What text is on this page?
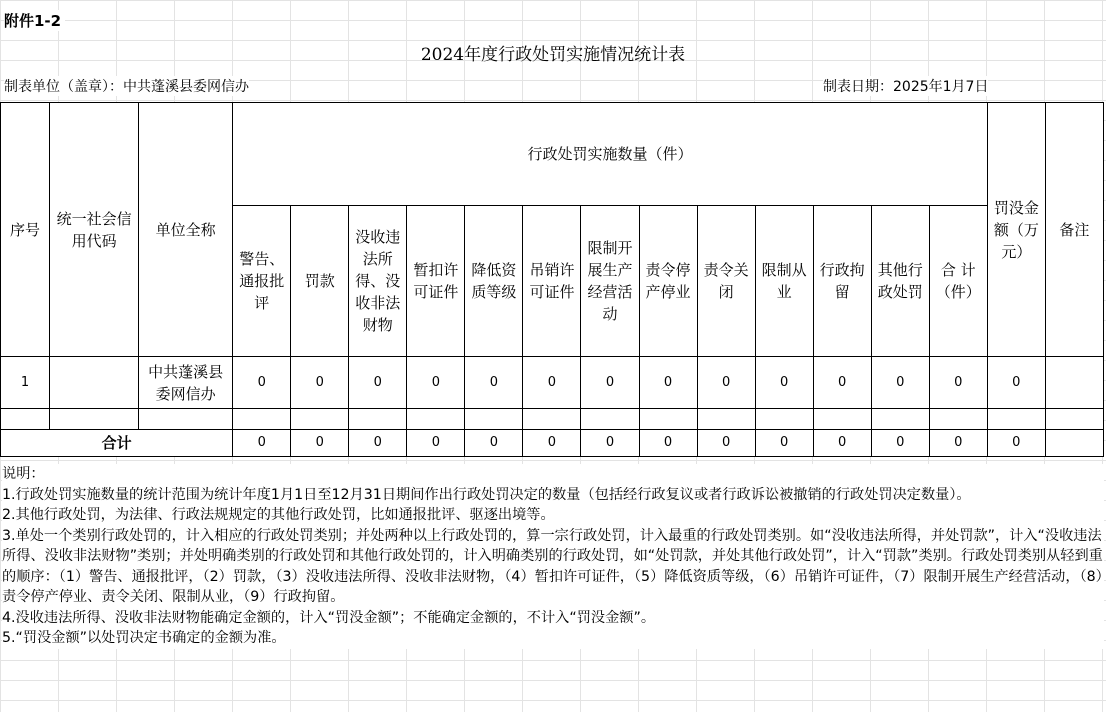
附件1-2
2024年度行政处罚实施情况统计表
制表单位（盖章）：中共蓬溪县委网信办	制表日期：2025年1月7日
序号	统一社会信用代码	单位全称	行政处罚实施数量（件）													罚没金额（万元）	备注
			警告、通报批评	罚款	没收违法所得、没收非法财物	暂扣许可证件	降低资质等级	吊销许可证件	限制开展生产经营活动	责令停产停业	责令关闭	限制从业	行政拘留	其他行政处罚	合 计（件）		
1		中共蓬溪县委网信办	0	0	0	0	0	0	0	0	0	0	0	0	0	0	

合计			0	0	0	0	0	0	0	0	0	0	0	0	0	0	

说明：

1.行政处罚实施数量的统计范围为统计年度1月1日至12月31日期间作出行政处罚决定的数量（包括经行政复议或者行政诉讼被撤销的行政处罚决定数量）。

2.其他行政处罚，为法律、行政法规规定的其他行政处罚，比如通报批评、驱逐出境等。

3.单处一个类别行政处罚的，计入相应的行政处罚类别；并处两种以上行政处罚的，算一宗行政处罚，计入最重的行政处罚类别。如“没收违法所得，并处罚款”，计入“没收违法所得、没收非法财物”类别；并处明确类别的行政处罚和其他行政处罚的，计入明确类别的行政处罚，如“处罚款，并处其他行政处罚”，计入“罚款”类别。行政处罚类别从轻到重的顺序：（1）警告、通报批评，（2）罚款，（3）没收违法所得、没收非法财物，（4）暂扣许可证件，（5）降低资质等级，（6）吊销许可证件，（7）限制开展生产经营活动，（8）责令停产停业、责令关闭、限制从业，（9）行政拘留。

4.没收违法所得、没收非法财物能确定金额的，计入“罚没金额”；不能确定金额的，不计入“罚没金额”。

5.“罚没金额”以处罚决定书确定的金额为准。
